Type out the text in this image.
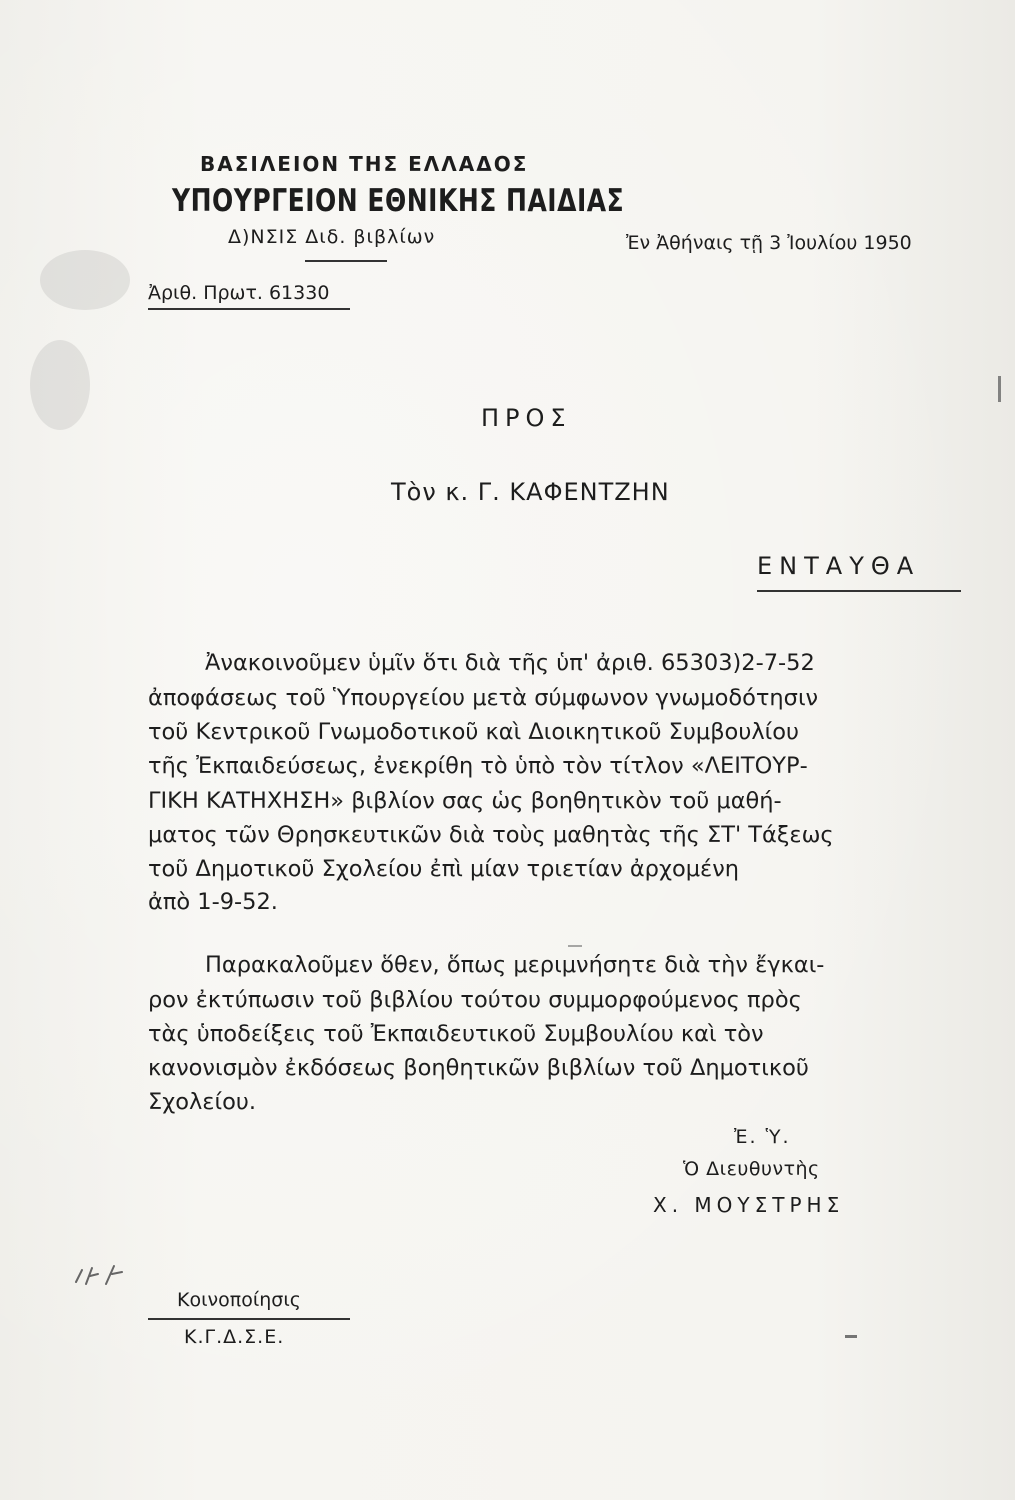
ΒΑΣΙΛΕΙΟΝ ΤΗΣ ΕΛΛΑΔΟΣ
ΥΠΟΥΡΓΕΙΟΝ ΕΘΝΙΚΗΣ ΠΑΙΔΙΑΣ
Δ)ΝΣΙΣ Διδ. βιβλίων
Ἀριθ. Πρωτ. 61330
Ἐν Ἀθήναις τῇ 3 Ἰουλίου 1950
ΠΡΟΣ
Τὸν κ. Γ. ΚΑΦΕΝΤΖΗΝ
ΕΝΤΑΥΘΑ
Ἀνακοινοῦμεν ὑμῖν ὅτι διὰ τῆς ὑπ' ἀριθ. 65303)2-7-52
ἀποφάσεως τοῦ Ὑπουργείου μετὰ σύμφωνον γνωμοδότησιν
τοῦ Κεντρικοῦ Γνωμοδοτικοῦ καὶ Διοικητικοῦ Συμβουλίου
τῆς Ἐκπαιδεύσεως, ἐνεκρίθη τὸ ὑπὸ τὸν τίτλον «ΛΕΙΤΟΥΡ-
ΓΙΚΗ ΚΑΤΗΧΗΣΗ» βιβλίον σας ὡς βοηθητικὸν τοῦ μαθή-
ματος τῶν Θρησκευτικῶν διὰ τοὺς μαθητὰς τῆς ΣΤ' Τάξεως
τοῦ Δημοτικοῦ Σχολείου ἐπὶ μίαν τριετίαν ἀρχομένη
ἀπὸ 1-9-52.
Παρακαλοῦμεν ὅθεν, ὅπως μεριμνήσητε διὰ τὴν ἔγκαι-
ρον ἐκτύπωσιν τοῦ βιβλίου τούτου συμμορφούμενος πρὸς
τὰς ὑποδείξεις τοῦ Ἐκπαιδευτικοῦ Συμβουλίου καὶ τὸν
κανονισμὸν ἐκδόσεως βοηθητικῶν βιβλίων τοῦ Δημοτικοῦ
Σχολείου.
Ἐ. Ὑ.
Ὁ Διευθυντὴς
Χ. ΜΟΥΣΤΡΗΣ
Κοινοποίησις
Κ.Γ.Δ.Σ.Ε.
